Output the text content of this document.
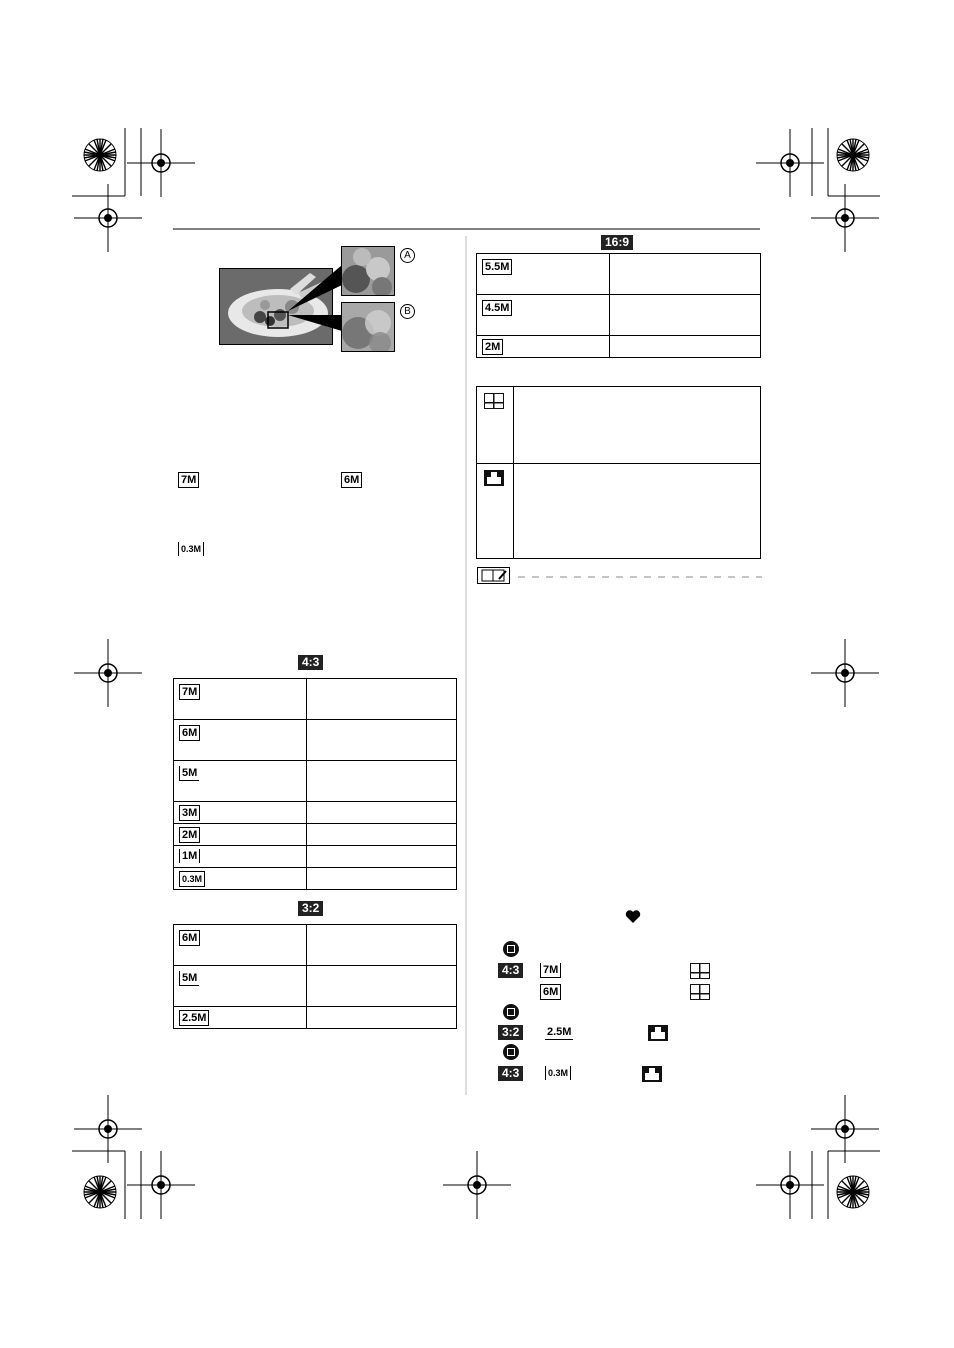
A
B
7M	6M
0.3M
4:3
7M	
6M	
5M	
3M	
2M	
1M	
0.3M	
3:2
6M	
5M	
2.5M	
16:9
5.5M	
4.5M	
2M	

4:3	7M
6M
3:2	2.5M
4:3	0.3M
